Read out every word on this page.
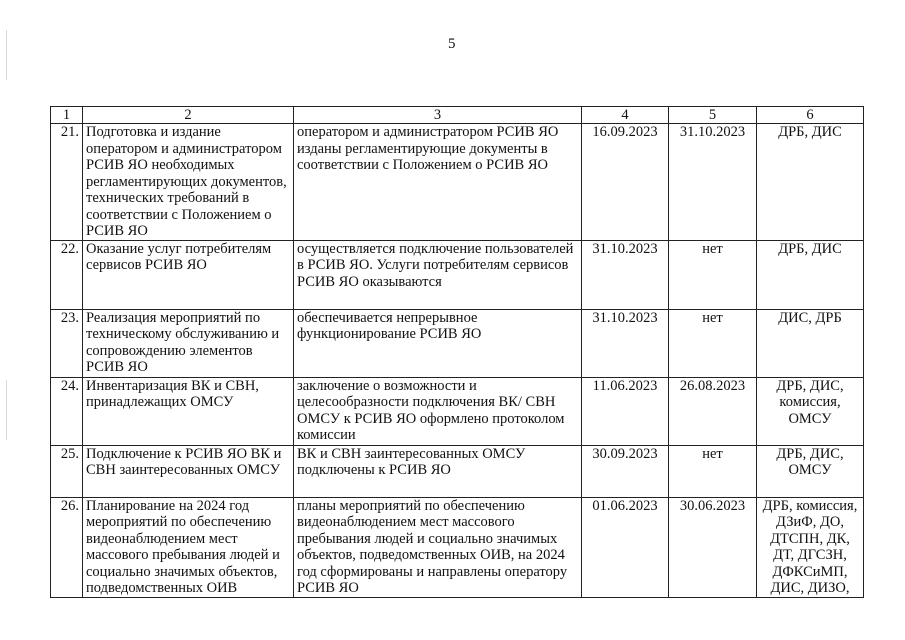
5
1	2	3	4	5	6
21.	Подготовка и издание оператором и администратором РСИВ ЯО необходимых регламентирующих документов, технических требований в соответствии с Положением о РСИВ ЯО	оператором и администратором РСИВ ЯО изданы регламентирующие документы в соответствии с Положением о РСИВ ЯО	16.09.2023	31.10.2023	ДРБ, ДИС
22.	Оказание услуг потребителям сервисов РСИВ ЯО	осуществляется подключение пользователей в РСИВ ЯО. Услуги потребителям сервисов РСИВ ЯО оказываются	31.10.2023	нет	ДРБ, ДИС
23.	Реализация мероприятий по техническому обслуживанию и сопровождению элементов РСИВ ЯО	обеспечивается непрерывное функционирование РСИВ ЯО	31.10.2023	нет	ДИС, ДРБ
24.	Инвентаризация ВК и СВН, принадлежащих ОМСУ	заключение о возможности и целесообразности подключения ВК/ СВН ОМСУ к РСИВ ЯО оформлено протоколом комиссии	11.06.2023	26.08.2023	ДРБ, ДИС, комиссия, ОМСУ
25.	Подключение к РСИВ ЯО ВК и СВН заинтересованных ОМСУ	ВК и СВН заинтересованных ОМСУ подключены к РСИВ ЯО	30.09.2023	нет	ДРБ, ДИС, ОМСУ
26.	Планирование на 2024 год мероприятий по обеспечению видеонаблюдением мест массового пребывания людей и социально значимых объектов, подведомственных ОИВ	планы мероприятий по обеспечению видеонаблюдением мест массового пребывания людей и социально значимых объектов, подведомственных ОИВ, на 2024 год сформированы и направлены оператору РСИВ ЯО	01.06.2023	30.06.2023	ДРБ, комиссия, ДЗиФ, ДО, ДТСПН, ДК, ДТ, ДГСЗН, ДФКСиМП, ДИС, ДИЗО,
